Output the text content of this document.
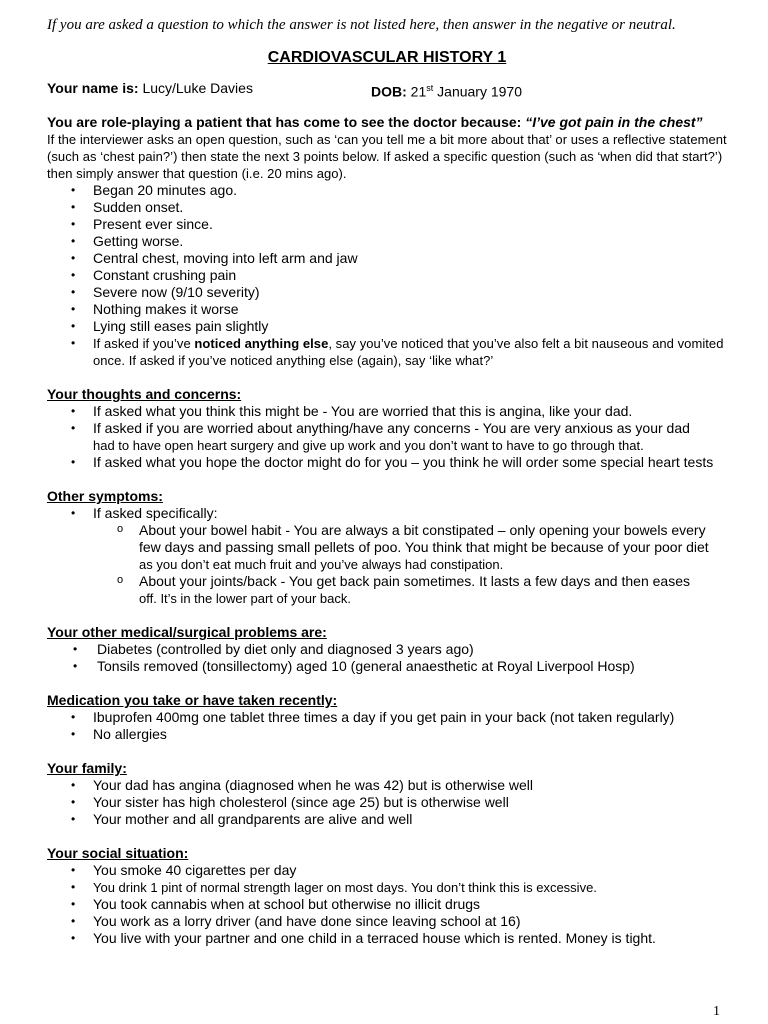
If you are asked a question to which the answer is not listed here, then answer in the negative or neutral.

CARDIOVASCULAR HISTORY 1

Your name is: Lucy/Luke Davies	DOB: 21st January 1970

You are role-playing a patient that has come to see the doctor because: “I’ve got pain in the chest”

If the interviewer asks an open question, such as ‘can you tell me a bit more about that’ or uses a reflective statement (such as ‘chest pain?’) then state the next 3 points below. If asked a specific question (such as ‘when did that start?’) then simply answer that question (i.e. 20 mins ago).

• Began 20 minutes ago.
• Sudden onset.
• Present ever since.
• Getting worse.
• Central chest, moving into left arm and jaw
• Constant crushing pain
• Severe now (9/10 severity)
• Nothing makes it worse
• Lying still eases pain slightly
• If asked if you’ve noticed anything else, say you’ve noticed that you’ve also felt a bit nauseous and vomited once. If asked if you’ve noticed anything else (again), say ‘like what?’

Your thoughts and concerns:

• If asked what you think this might be - You are worried that this is angina, like your dad.
• If asked if you are worried about anything/have any concerns - You are very anxious as your dad
had to have open heart surgery and give up work and you don’t want to have to go through that.
• If asked what you hope the doctor might do for you – you think he will order some special heart tests

Other symptoms:

• If asked specifically:
o About your bowel habit - You are always a bit constipated – only opening your bowels every few days and passing small pellets of poo. You think that might be because of your poor diet
as you don’t eat much fruit and you’ve always had constipation.
o About your joints/back - You get back pain sometimes. It lasts a few days and then eases
off. It’s in the lower part of your back.

Your other medical/surgical problems are:

• Diabetes (controlled by diet only and diagnosed 3 years ago)
• Tonsils removed (tonsillectomy) aged 10 (general anaesthetic at Royal Liverpool Hosp)

Medication you take or have taken recently:

• Ibuprofen 400mg one tablet three times a day if you get pain in your back (not taken regularly)
• No allergies

Your family:

• Your dad has angina (diagnosed when he was 42) but is otherwise well
• Your sister has high cholesterol (since age 25) but is otherwise well
• Your mother and all grandparents are alive and well

Your social situation:

• You smoke 40 cigarettes per day
• You drink 1 pint of normal strength lager on most days. You don’t think this is excessive.
• You took cannabis when at school but otherwise no illicit drugs
• You work as a lorry driver (and have done since leaving school at 16)
• You live with your partner and one child in a terraced house which is rented. Money is tight.
1
